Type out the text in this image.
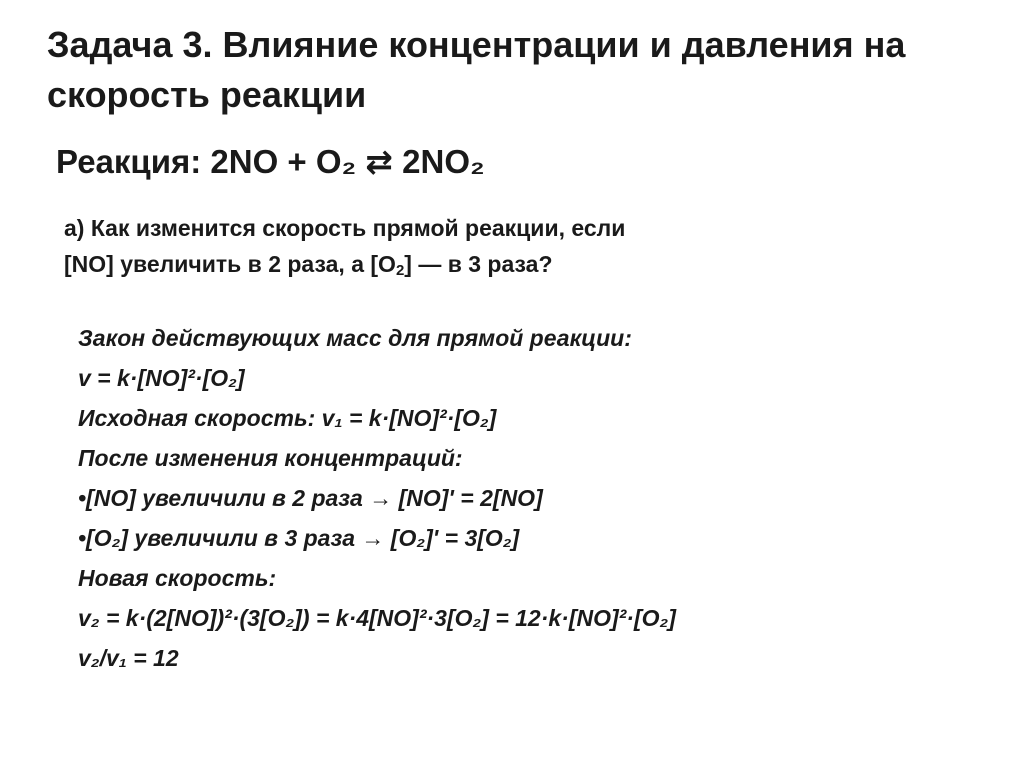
Задача 3. Влияние концентрации и давления на скорость реакции
Реакция: 2NO + O₂ ⇄ 2NO₂
а) Как изменится скорость прямой реакции, если
[NO] увеличить в 2 раза, а $[O_2]$ — в 3 раза?
Закон действующих масс для прямой реакции:
v = k·[NO]²·[O₂]
Исходная скорость: v₁ = k·[NO]²·[O₂]
После изменения концентраций:
•[NO] увеличили в 2 раза → [NO]' = 2[NO]
•[O₂] увеличили в 3 раза → [O₂]' = 3[O₂]
Новая скорость:
v₂ = k·(2[NO])²·(3[O₂]) = k·4[NO]²·3[O₂] = 12·k·[NO]²·[O₂]
v₂/v₁ = 12
